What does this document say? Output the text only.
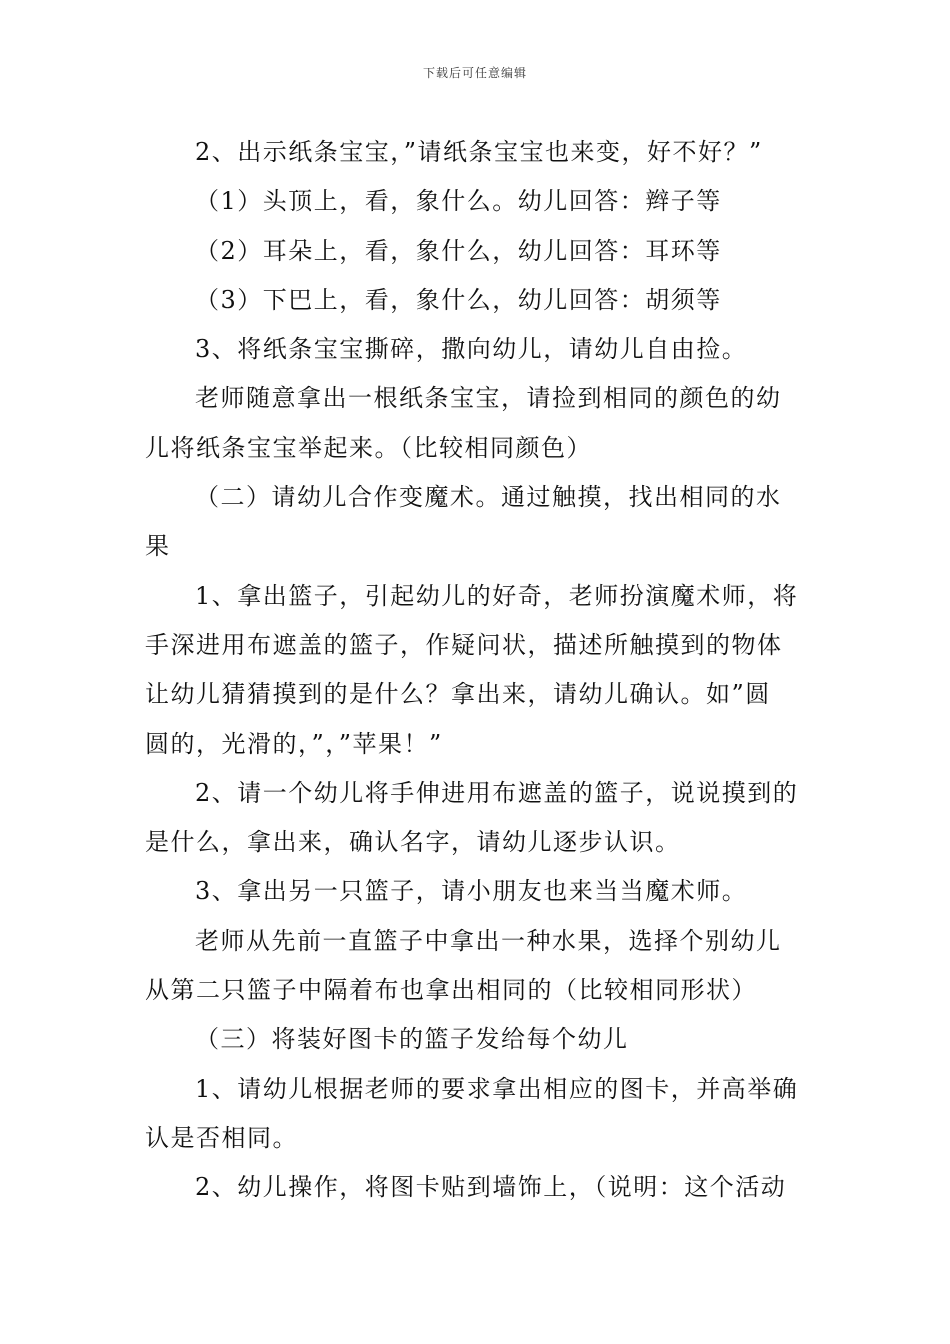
下载后可任意编辑
2、出示纸条宝宝，”请纸条宝宝也来变，好不好？”
（1）头顶上，看，象什么。幼儿回答：辫子等
（2）耳朵上，看，象什么，幼儿回答：耳环等
（3）下巴上，看，象什么，幼儿回答：胡须等
3、将纸条宝宝撕碎，撒向幼儿，请幼儿自由捡。
老师随意拿出一根纸条宝宝，请捡到相同的颜色的幼
儿将纸条宝宝举起来。（比较相同颜色）
（二）请幼儿合作变魔术。通过触摸，找出相同的水
果
1、拿出篮子，引起幼儿的好奇，老师扮演魔术师，将
手深进用布遮盖的篮子，作疑问状，描述所触摸到的物体
让幼儿猜猜摸到的是什么？拿出来，请幼儿确认。如”圆
圆的，光滑的，”，”苹果！”
2、请一个幼儿将手伸进用布遮盖的篮子，说说摸到的
是什么，拿出来，确认名字，请幼儿逐步认识。
3、拿出另一只篮子，请小朋友也来当当魔术师。
老师从先前一直篮子中拿出一种水果，选择个别幼儿
从第二只篮子中隔着布也拿出相同的（比较相同形状）
（三）将装好图卡的篮子发给每个幼儿
1、请幼儿根据老师的要求拿出相应的图卡，并高举确
认是否相同。
2、幼儿操作，将图卡贴到墙饰上，（说明：这个活动
